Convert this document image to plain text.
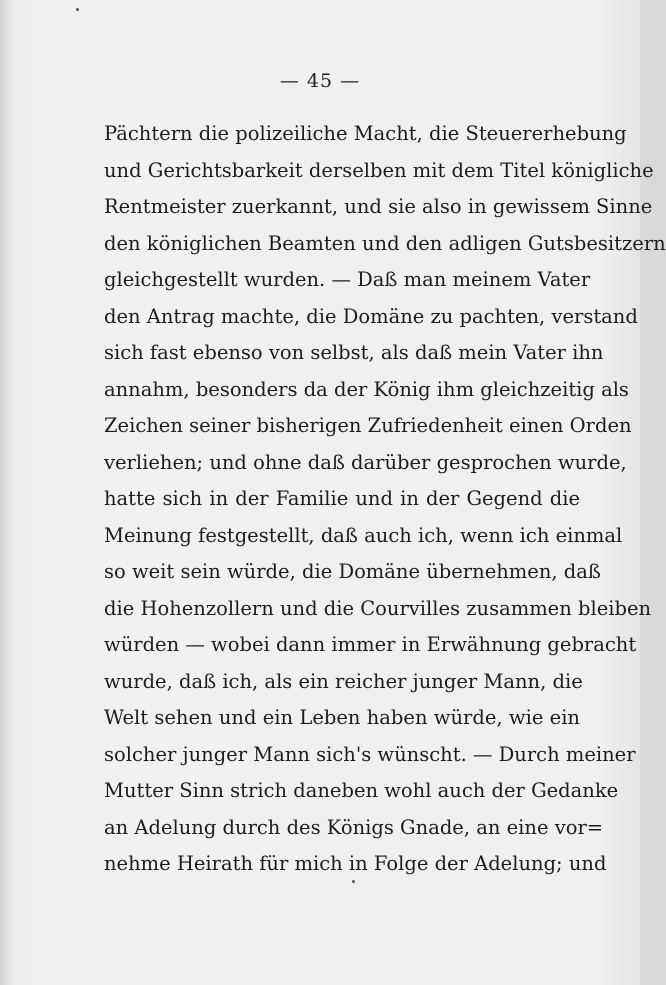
— 45 —
Pächtern die polizeiliche Macht, die Steuererhebung
und Gerichtsbarkeit derselben mit dem Titel königliche
Rentmeister zuerkannt, und sie also in gewissem Sinne
den königlichen Beamten und den adligen Gutsbesitzern
gleichgestellt wurden. — Daß man meinem Vater
den Antrag machte, die Domäne zu pachten, verstand
sich fast ebenso von selbst, als daß mein Vater ihn
annahm, besonders da der König ihm gleichzeitig als
Zeichen seiner bisherigen Zufriedenheit einen Orden
verliehen; und ohne daß darüber gesprochen wurde,
hatte sich in der Familie und in der Gegend die
Meinung festgestellt, daß auch ich, wenn ich einmal
so weit sein würde, die Domäne übernehmen, daß
die Hohenzollern und die Courvilles zusammen bleiben
würden — wobei dann immer in Erwähnung gebracht
wurde, daß ich, als ein reicher junger Mann, die
Welt sehen und ein Leben haben würde, wie ein
solcher junger Mann sich's wünscht. — Durch meiner
Mutter Sinn strich daneben wohl auch der Gedanke
an Adelung durch des Königs Gnade, an eine vor=
nehme Heirath für mich in Folge der Adelung; und
